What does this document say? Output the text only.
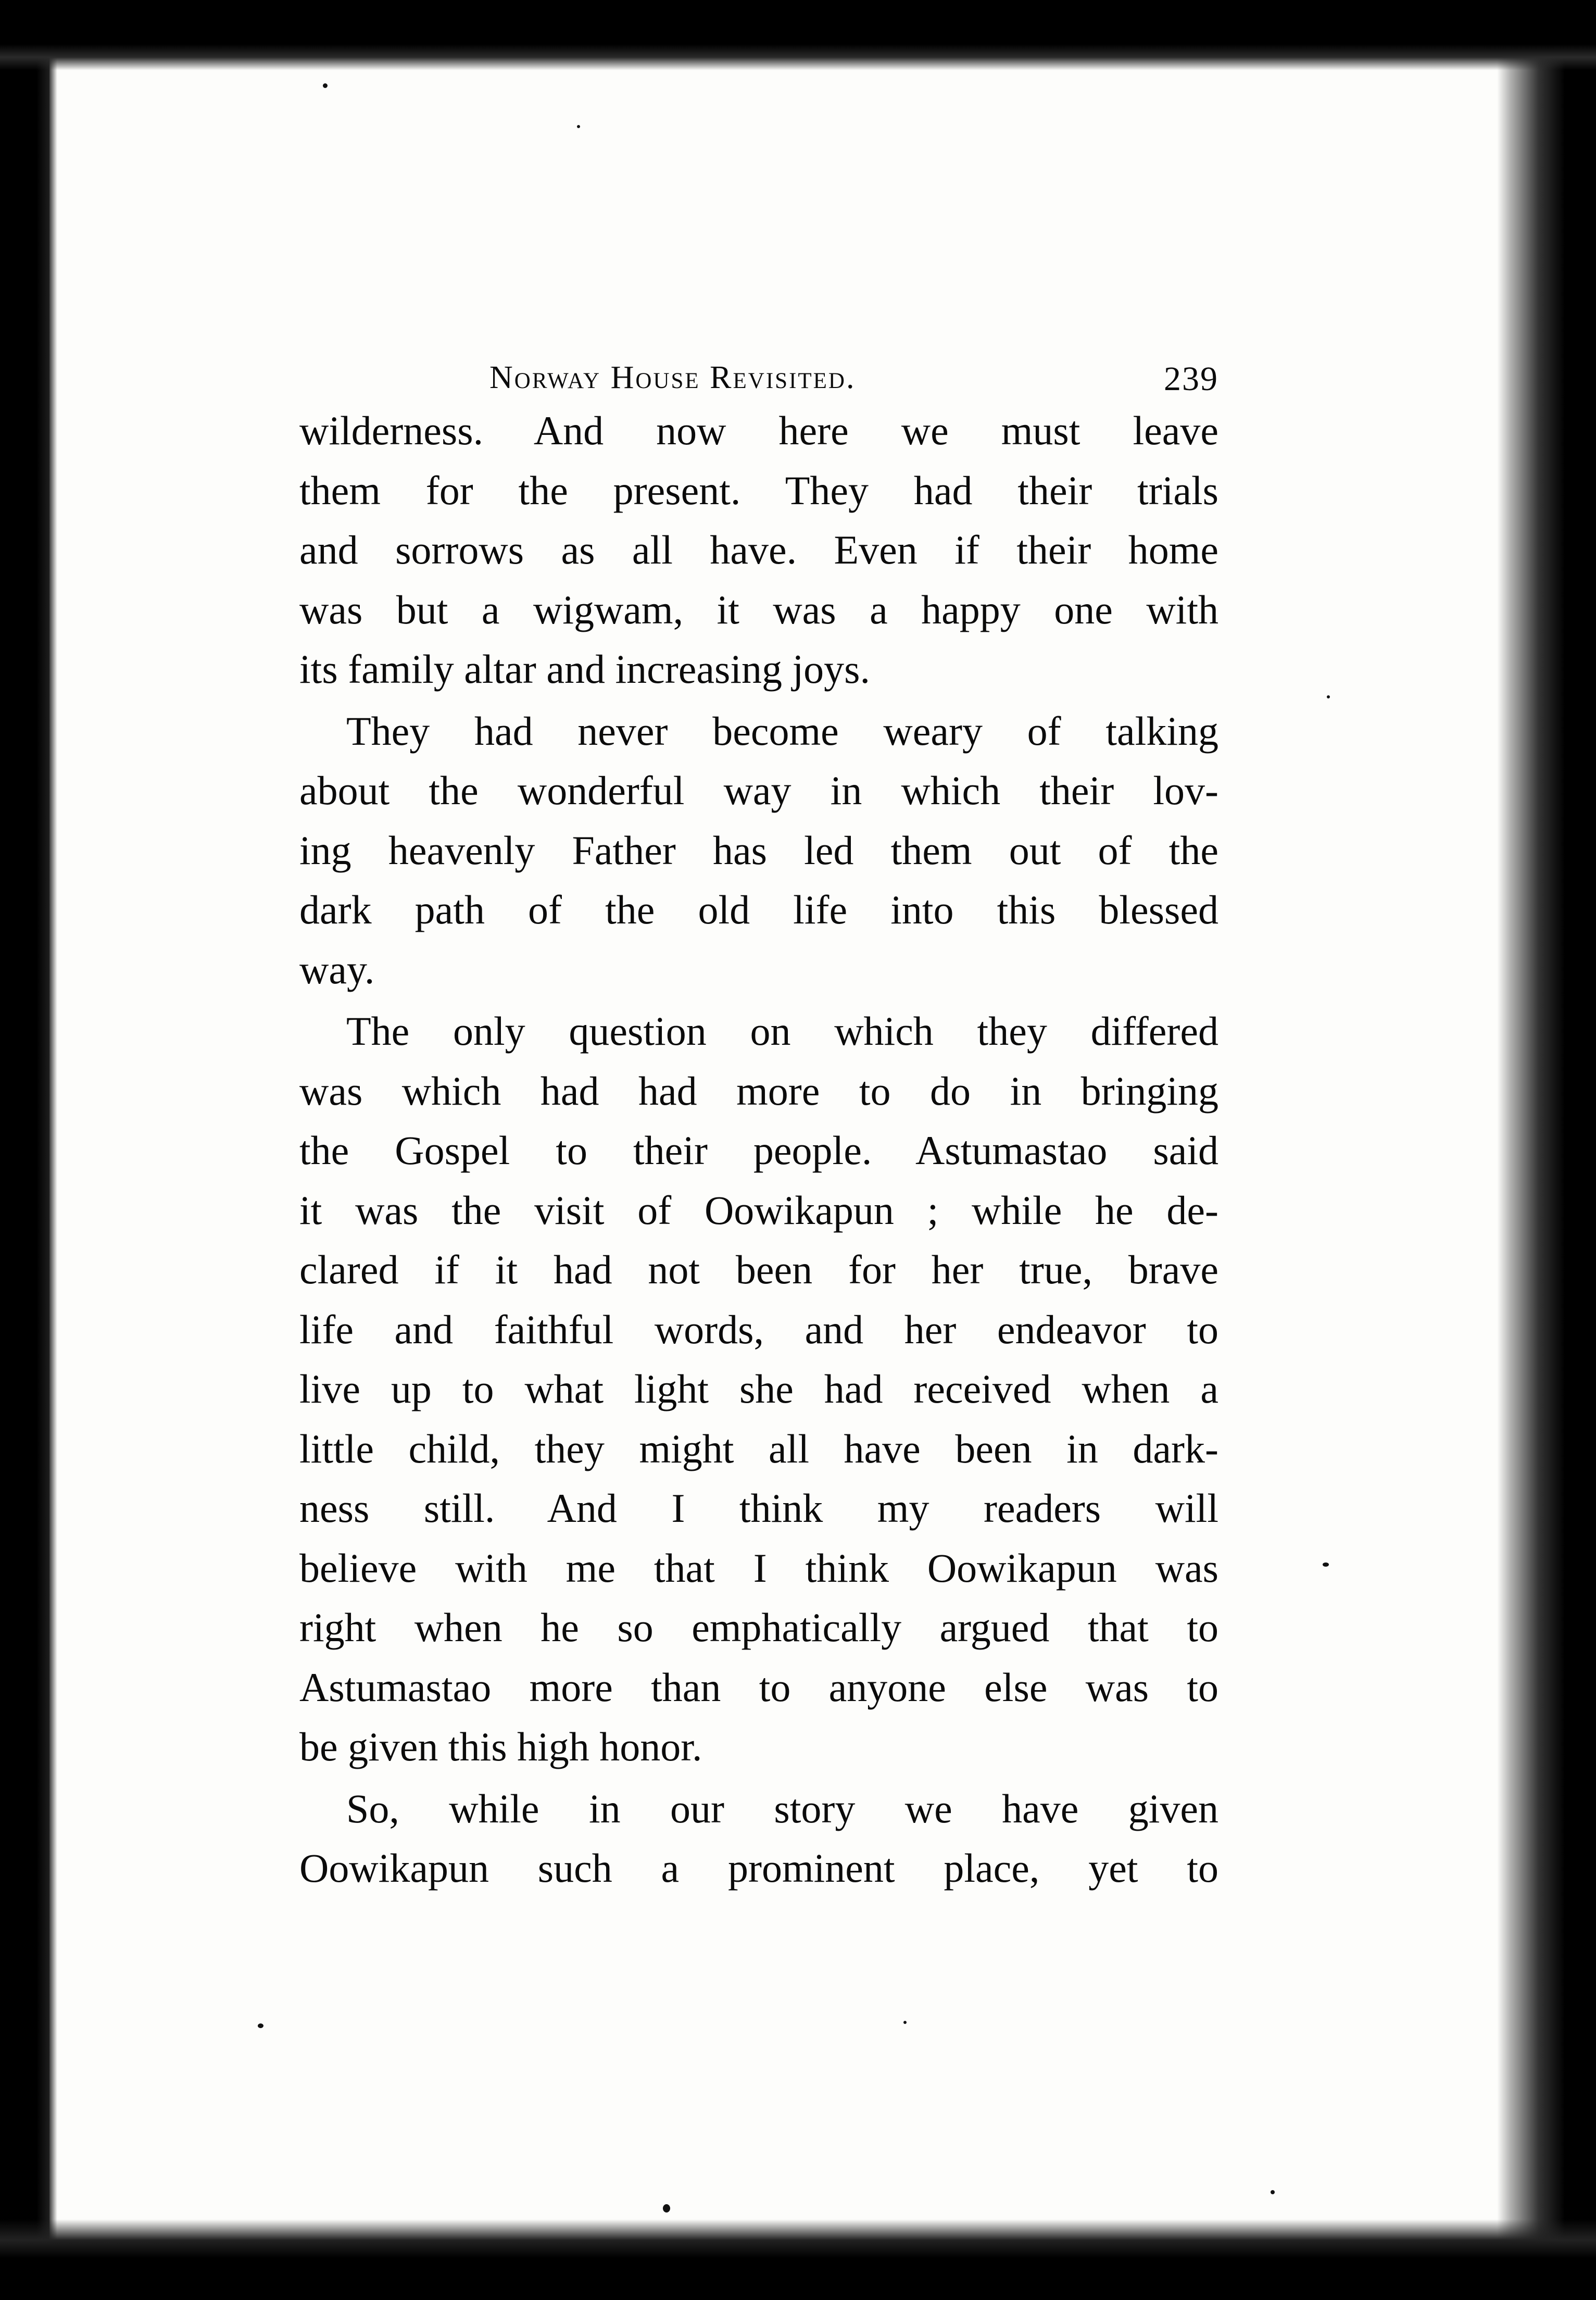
Norway House Revisited.	239

wilderness. And now here we must leave
them for the present. They had their trials
and sorrows as all have. Even if their home
was but a wigwam, it was a happy one with
its family altar and increasing joys.

They had never become weary of talking
about the wonderful way in which their lov-
ing heavenly Father has led them out of the
dark path of the old life into this blessed
way.

The only question on which they differed
was which had had more to do in bringing
the Gospel to their people. Astumastao said
it was the visit of Oowikapun ; while he de-
clared if it had not been for her true, brave
life and faithful words, and her endeavor to
live up to what light she had received when a
little child, they might all have been in dark-
ness still. And I think my readers will
believe with me that I think Oowikapun was
right when he so emphatically argued that to
Astumastao more than to anyone else was to
be given this high honor.

So, while in our story we have given
Oowikapun such a prominent place, yet to
